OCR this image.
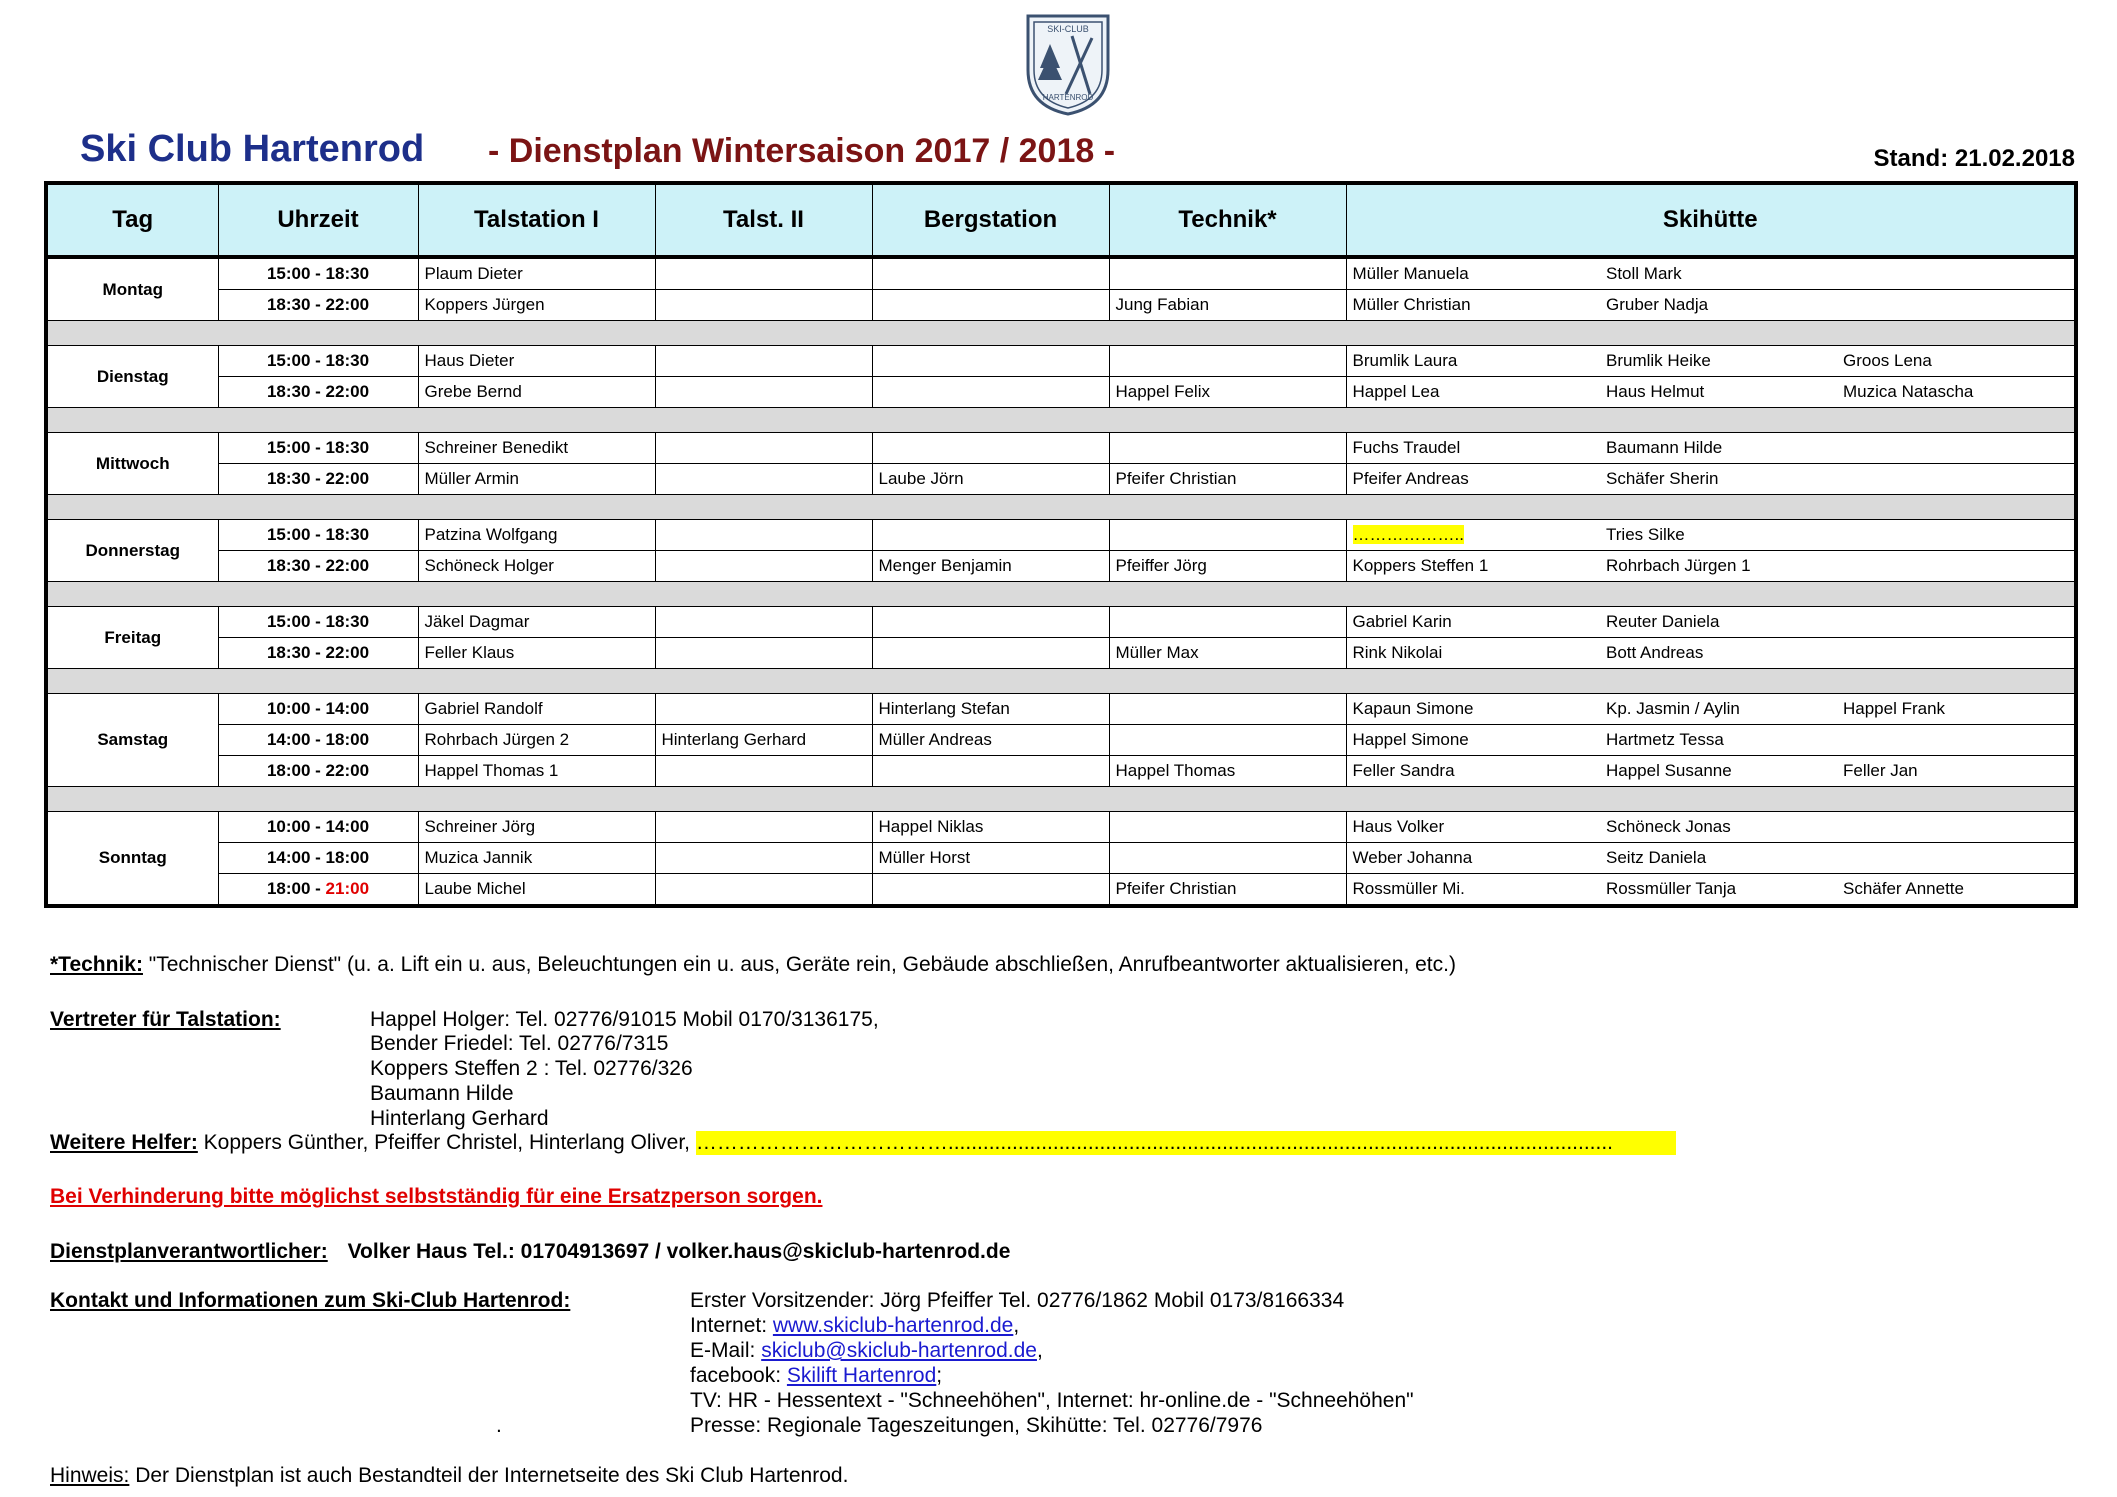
SKI-CLUB
HARTENROD
Ski Club Hartenrod - Dienstplan Wintersaison 2017 / 2018 -	Stand: 21.02.2018
Tag	Uhrzeit	Talstation I	Talst. II	Bergstation	Technik*	Skihütte		
Montag	15:00 - 18:30	Plaum Dieter				Müller Manuela	Stoll Mark	
	18:30 - 22:00	Koppers Jürgen			Jung Fabian	Müller Christian	Gruber Nadja	

Dienstag	15:00 - 18:30	Haus Dieter				Brumlik Laura	Brumlik Heike	Groos Lena
	18:30 - 22:00	Grebe Bernd			Happel Felix	Happel Lea	Haus Helmut	Muzica Natascha

Mittwoch	15:00 - 18:30	Schreiner Benedikt				Fuchs Traudel	Baumann Hilde	
	18:30 - 22:00	Müller Armin		Laube Jörn	Pfeifer Christian	Pfeifer Andreas	Schäfer Sherin	

Donnerstag	15:00 - 18:30	Patzina Wolfgang				………………..	Tries Silke	
	18:30 - 22:00	Schöneck Holger		Menger Benjamin	Pfeiffer Jörg	Koppers Steffen 1	Rohrbach Jürgen 1	

Freitag	15:00 - 18:30	Jäkel Dagmar				Gabriel Karin	Reuter Daniela	
	18:30 - 22:00	Feller Klaus			Müller Max	Rink Nikolai	Bott Andreas	

Samstag	10:00 - 14:00	Gabriel Randolf		Hinterlang Stefan		Kapaun Simone	Kp. Jasmin / Aylin	Happel Frank
	14:00 - 18:00	Rohrbach Jürgen 2	Hinterlang Gerhard	Müller Andreas		Happel Simone	Hartmetz Tessa	
	18:00 - 22:00	Happel Thomas 1			Happel Thomas	Feller Sandra	Happel Susanne	Feller Jan

Sonntag	10:00 - 14:00	Schreiner Jörg		Happel Niklas		Haus Volker	Schöneck Jonas	
	14:00 - 18:00	Muzica Jannik		Müller Horst		Weber Johanna	Seitz Daniela	
	18:00 - 21:00	Laube Michel			Pfeifer Christian	Rossmüller Mi.	Rossmüller Tanja	Schäfer Annette
*Technik: "Technischer Dienst" (u. a. Lift ein u. aus, Beleuchtungen ein u. aus, Geräte rein, Gebäude abschließen, Anrufbeantworter aktualisieren, etc.)
Vertreter für Talstation:	Happel Holger: Tel. 02776/91015 Mobil 0170/3136175,
Bender Friedel: Tel. 02776/7315
Koppers Steffen 2 : Tel. 02776/326
Baumann Hilde
Hinterlang Gerhard
Weitere Helfer: Koppers Günther, Pfeiffer Christel, Hinterlang Oliver, ………………………………..................................................................................................................
Bei Verhinderung bitte möglichst selbstständig für eine Ersatzperson sorgen.
Dienstplanverantwortlicher: Volker Haus Tel.: 01704913697 / volker.haus@skiclub-hartenrod.de
Kontakt und Informationen zum Ski-Club Hartenrod:	Erster Vorsitzender: Jörg Pfeiffer Tel. 02776/1862 Mobil 0173/8166334
Internet: www.skiclub-hartenrod.de,
E-Mail: skiclub@skiclub-hartenrod.de,
facebook: Skilift Hartenrod;
TV: HR - Hessentext - "Schneehöhen", Internet: hr-online.de - "Schneehöhen"
.	Presse: Regionale Tageszeitungen, Skihütte: Tel. 02776/7976
Hinweis: Der Dienstplan ist auch Bestandteil der Internetseite des Ski Club Hartenrod.
